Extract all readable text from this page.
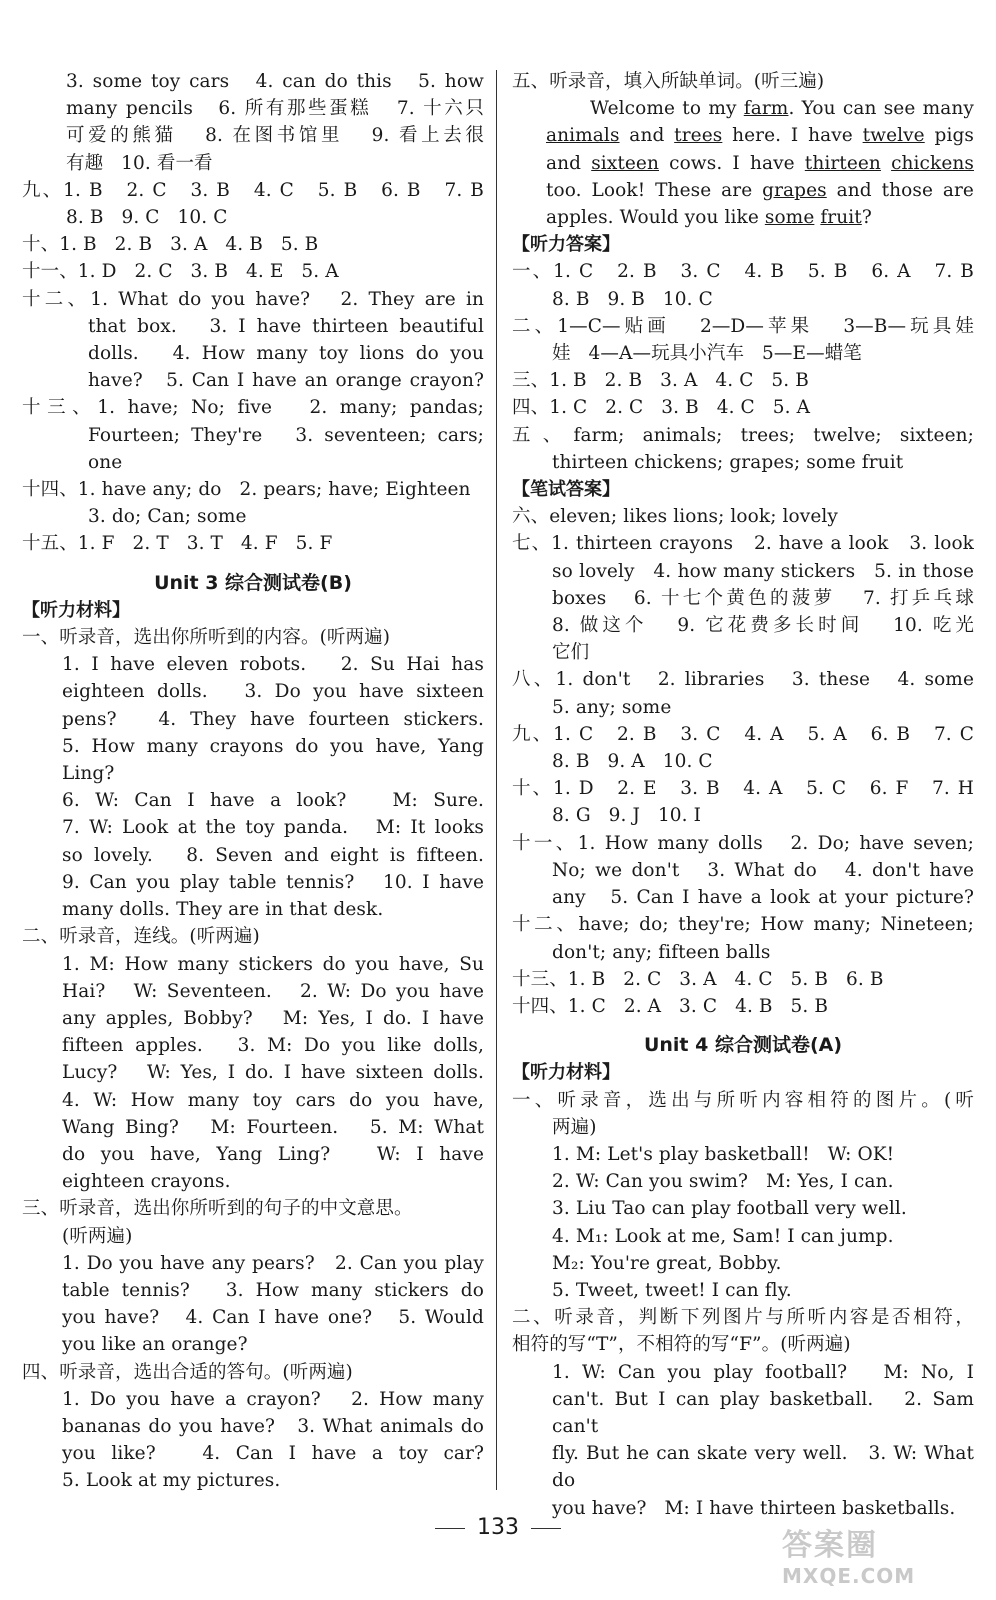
3. some toy cars   4. can do this   5. how
many pencils   6. 所有那些蛋糕   7. 十六只
可爱的熊猫   8. 在图书馆里   9. 看上去很
有趣   10. 看一看
九、1. B   2. C   3. B   4. C   5. B   6. B   7. B
8. B   9. C   10. C
十、1. B   2. B   3. A   4. B   5. B
十一、1. D   2. C   3. B   4. E   5. A
十二、1. What do you have?   2. They are in
that box.   3. I have thirteen beautiful
dolls.   4. How many toy lions do you
have?   5. Can I have an orange crayon?
十三、1. have; No; five   2. many; pandas;
Fourteen; They're   3. seventeen; cars; one
十四、1. have any; do   2. pears; have; Eighteen
3. do; Can; some
十五、1. F   2. T   3. T   4. F   5. F
Unit 3 综合测试卷(B)
【听力材料】
一、听录音，选出你所听到的内容。(听两遍)
1. I have eleven robots.   2. Su Hai has
eighteen dolls.   3. Do you have sixteen
pens?   4. They have fourteen stickers.
5. How many crayons do you have, Yang Ling?
6. W: Can I have a look?   M: Sure.
7. W: Look at the toy panda.   M: It looks
so lovely.   8. Seven and eight is fifteen.
9. Can you play table tennis?   10. I have
many dolls. They are in that desk.
二、听录音，连线。(听两遍)
1. M: How many stickers do you have, Su
Hai?   W: Seventeen.   2. W: Do you have
any apples, Bobby?   M: Yes, I do. I have
fifteen apples.   3. M: Do you like dolls,
Lucy?   W: Yes, I do. I have sixteen dolls.
4. W: How many toy cars do you have,
Wang Bing?   M: Fourteen.   5. M: What
do you have, Yang Ling?   W: I have
eighteen crayons.
三、听录音，选出你所听到的句子的中文意思。
(听两遍)
1. Do you have any pears?   2. Can you play
table tennis?   3. How many stickers do
you have?   4. Can I have one?   5. Would
you like an orange?
四、听录音，选出合适的答句。(听两遍)
1. Do you have a crayon?   2. How many
bananas do you have?   3. What animals do
you like?   4. Can I have a toy car?
5. Look at my pictures.
五、听录音，填入所缺单词。(听三遍)
Welcome to my farm. You can see many
animals and trees here. I have twelve pigs
and sixteen cows. I have thirteen chickens
too. Look! These are grapes and those are
apples. Would you like some fruit?
【听力答案】
一、1. C   2. B   3. C   4. B   5. B   6. A   7. B
8. B   9. B   10. C
二、1—C—贴画   2—D—苹果   3—B—玩具娃
娃   4—A—玩具小汽车   5—E—蜡笔
三、1. B   2. B   3. A   4. C   5. B
四、1. C   2. C   3. B   4. C   5. A
五、farm; animals; trees; twelve; sixteen;
thirteen chickens; grapes; some fruit
【笔试答案】
六、eleven; likes lions; look; lovely
七、1. thirteen crayons   2. have a look   3. look
so lovely   4. how many stickers   5. in those
boxes   6. 十七个黄色的菠萝   7. 打乒乓球
8. 做这个   9. 它花费多长时间   10. 吃光
它们
八、1. don't   2. libraries   3. these   4. some
5. any; some
九、1. C   2. B   3. C   4. A   5. A   6. B   7. C
8. B   9. A   10. C
十、1. D   2. E   3. B   4. A   5. C   6. F   7. H
8. G   9. J   10. I
十一、1. How many dolls   2. Do; have seven;
No; we don't   3. What do   4. don't have
any   5. Can I have a look at your picture?
十二、have; do; they're; How many; Nineteen;
don't; any; fifteen balls
十三、1. B   2. C   3. A   4. C   5. B   6. B
十四、1. C   2. A   3. C   4. B   5. B
Unit 4 综合测试卷(A)
【听力材料】
一、听录音，选出与所听内容相符的图片。(听
两遍)
1. M: Let's play basketball!   W: OK!
2. W: Can you swim?   M: Yes, I can.
3. Liu Tao can play football very well.
4. M₁: Look at me, Sam! I can jump.
M₂: You're great, Bobby.
5. Tweet, tweet! I can fly.
二、听录音，判断下列图片与所听内容是否相符，
相符的写“T”，不相符的写“F”。(听两遍)
1. W: Can you play football?   M: No, I
can't. But I can play basketball.   2. Sam can't
fly. But he can skate very well.   3. W: What do
you have?   M: I have thirteen basketballs.
133
答案圈
MXQE.COM
